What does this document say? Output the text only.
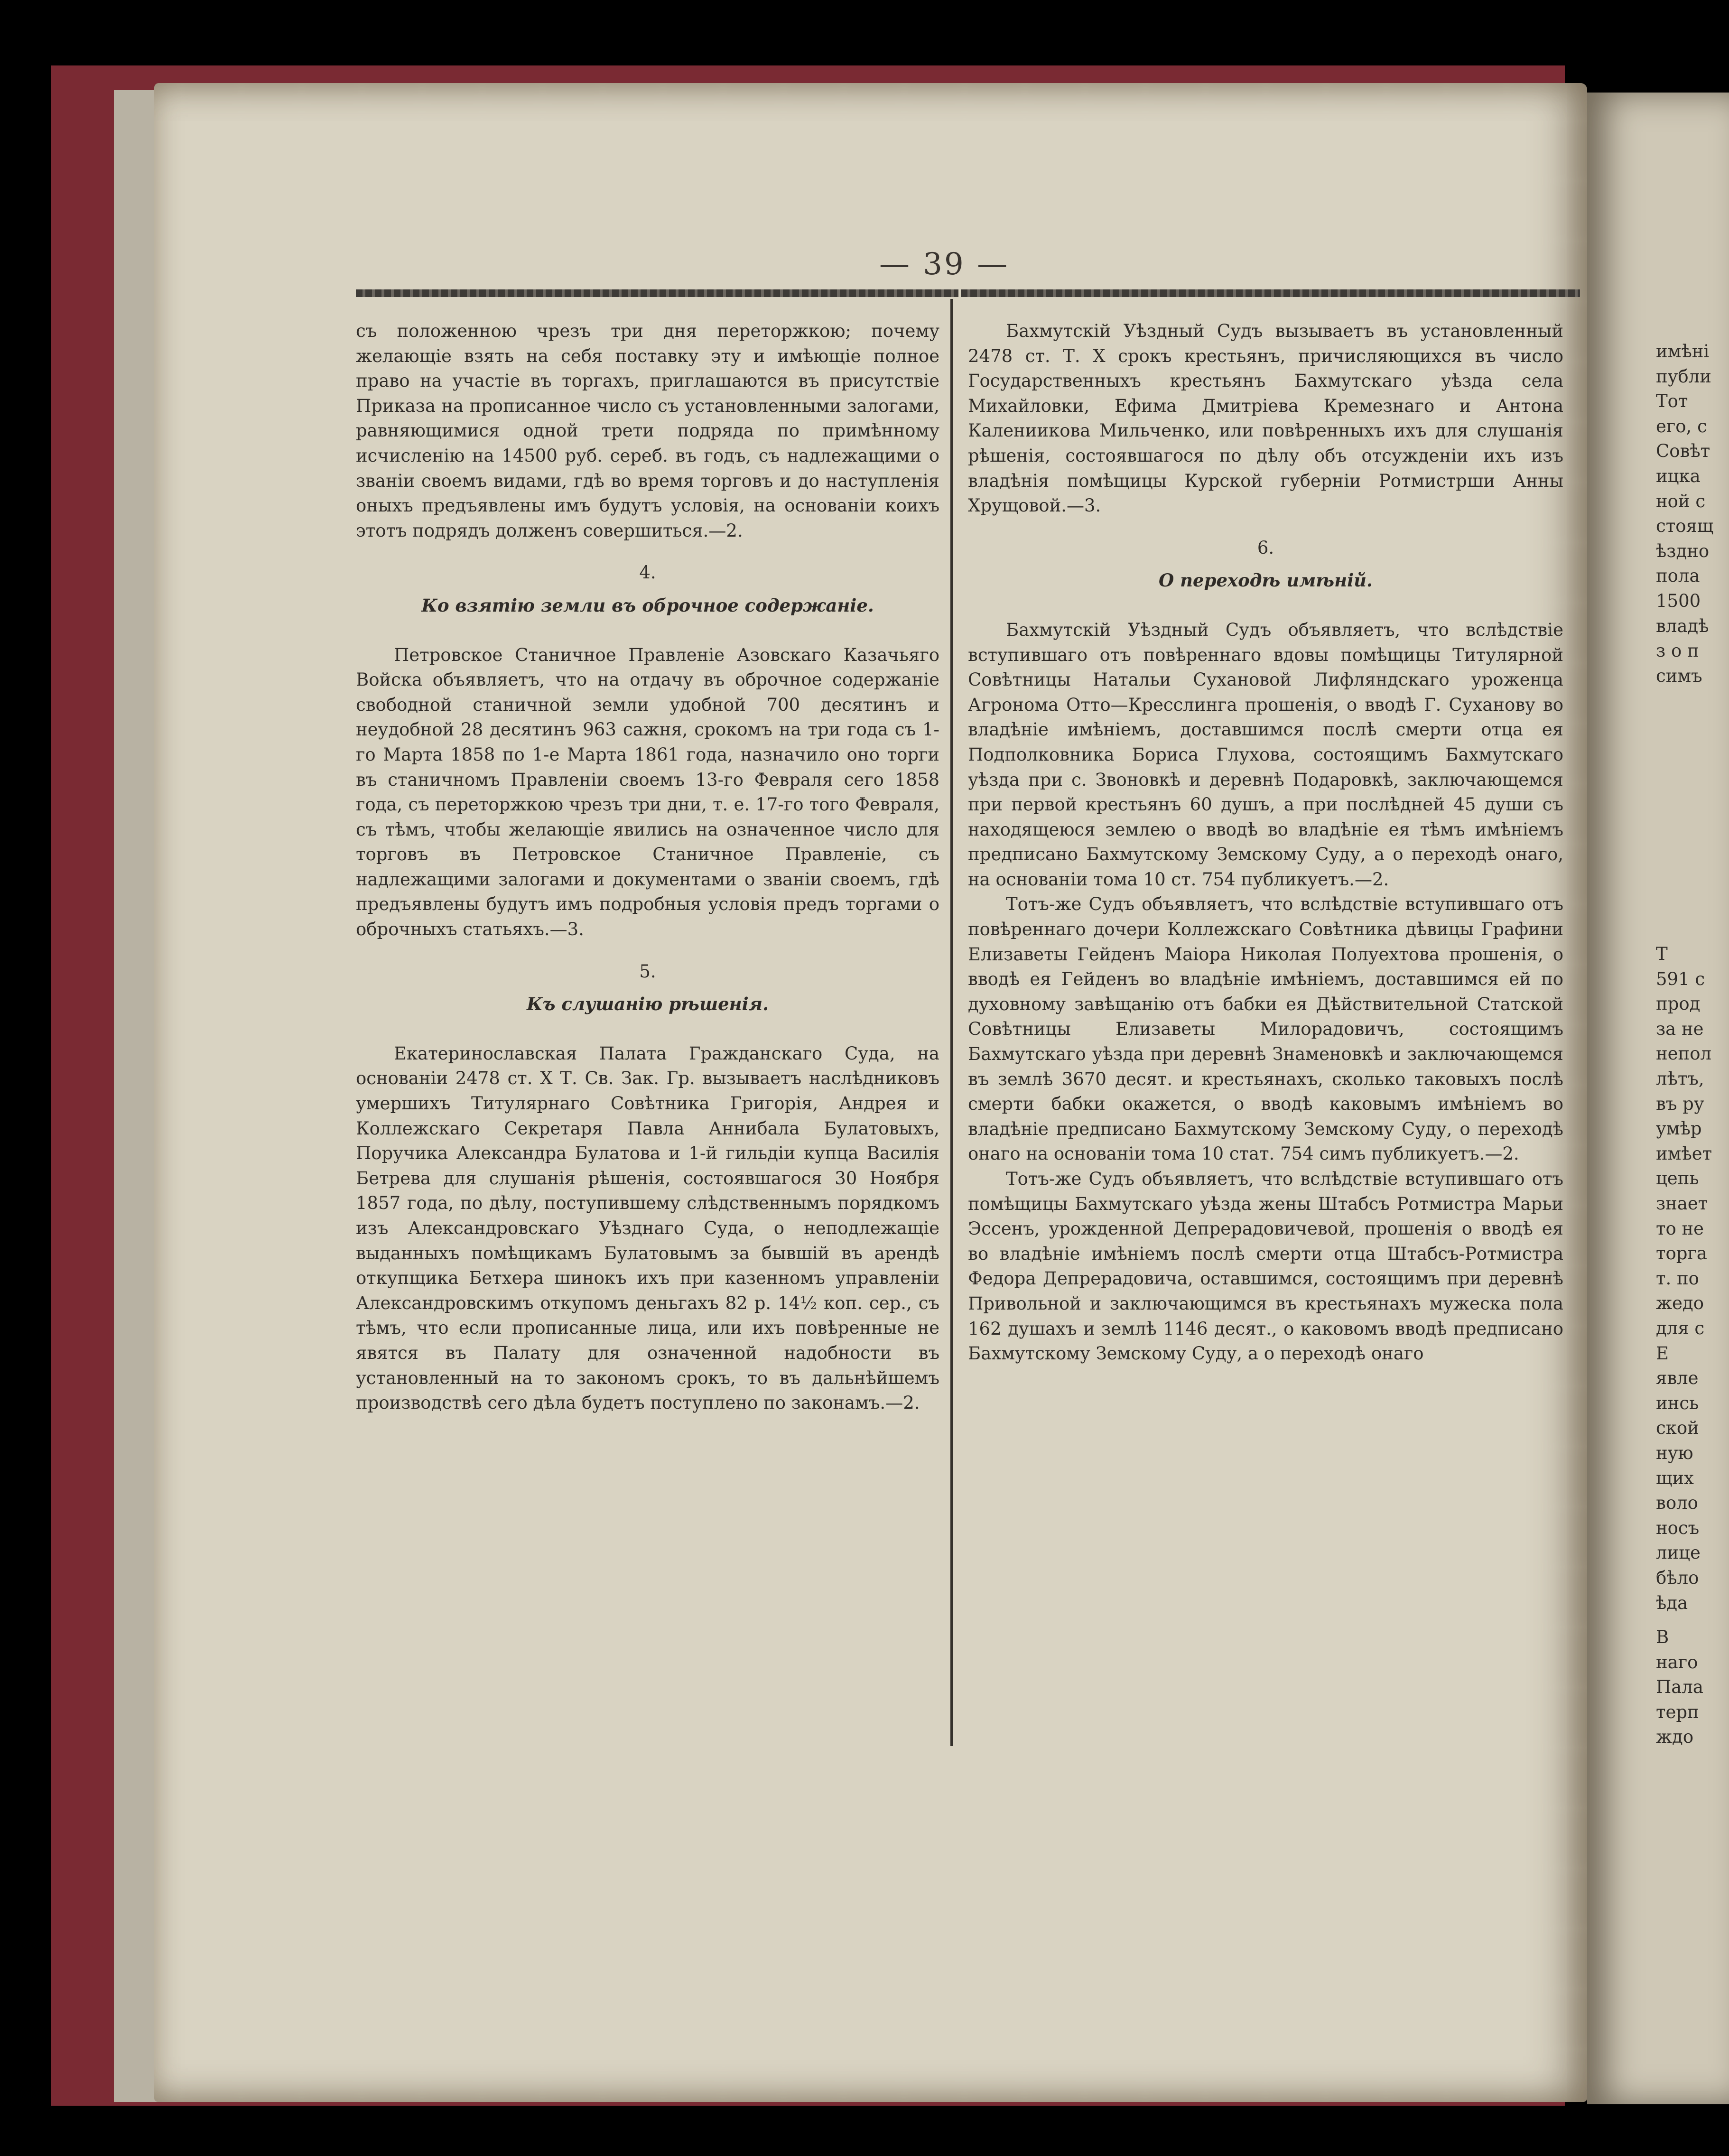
— 39 —

съ положенною чрезъ три дня переторжкою; почему желающіе взять на себя поставку эту и имѣющіе полное право на участіе въ торгахъ, приглашаются въ присутствіе Приказа на прописанное число съ установленными залогами, равняющимися одной трети подряда по примѣнному исчисленію на 14500 руб. сереб. въ годъ, съ надлежащими о званіи своемъ видами, гдѣ во время торговъ и до наступленія оныхъ предъявлены имъ будутъ условія, на основаніи коихъ этотъ подрядъ долженъ совершиться.—2.

4.
Ко взятію земли въ оброчное содержаніе.

Петровское Станичное Правленіе Азовскаго Казачьяго Войска объявляетъ, что на отдачу въ оброчное содержаніе свободной станичной земли удобной 700 десятинъ и неудобной 28 десятинъ 963 сажня, срокомъ на три года съ 1-го Марта 1858 по 1-е Марта 1861 года, назначило оно торги въ станичномъ Правленіи своемъ 13-го Февраля сего 1858 года, съ переторжкою чрезъ три дни, т. е. 17-го того Февраля, съ тѣмъ, чтобы желающіе явились на означенное число для торговъ въ Петровское Станичное Правленіе, съ надлежащими залогами и документами о званіи своемъ, гдѣ предъявлены будутъ имъ подробныя условія предъ торгами о оброчныхъ статьяхъ.—3.

5.
Къ слушанію рѣшенія.

Екатеринославская Палата Гражданскаго Суда, на основаніи 2478 ст. X Т. Св. Зак. Гр. вызываетъ наслѣдниковъ умершихъ Титулярнаго Совѣтника Григорія, Андрея и Коллежскаго Секретаря Павла Аннибала Булатовыхъ, Поручика Александра Булатова и 1-й гильдіи купца Василія Бетрева для слушанія рѣшенія, состоявшагося 30 Ноября 1857 года, по дѣлу, поступившему слѣдственнымъ порядкомъ изъ Александровскаго Уѣзднаго Суда, о неподлежащіе выданныхъ помѣщикамъ Булатовымъ за бывшій въ арендѣ откупщика Бетхера шинокъ ихъ при казенномъ управленіи Александровскимъ откупомъ деньгахъ 82 р. 14½ коп. сер., съ тѣмъ, что если прописанные лица, или ихъ повѣренные не явятся въ Палату для означенной надобности въ установленный на то закономъ срокъ, то въ дальнѣйшемъ производствѣ сего дѣла будетъ поступлено по законамъ.—2.

Бахмутскій Уѣздный Судъ вызываетъ въ установленный 2478 ст. Т. X срокъ крестьянъ, причисляющихся въ число Государственныхъ крестьянъ Бахмутскаго уѣзда села Михайловки, Ефима Дмитріева Кремезнаго и Антона Калениикова Мильченко, или повѣренныхъ ихъ для слушанія рѣшенія, состоявшагося по дѣлу объ отсужденіи ихъ изъ владѣнія помѣщицы Курской губерніи Ротмистрши Анны Хрущовой.—3.

6.
О переходѣ имѣній.

Бахмутскій Уѣздный Судъ объявляетъ, что вслѣдствіе вступившаго отъ повѣреннаго вдовы помѣщицы Титулярной Совѣтницы Натальи Сухановой Лифляндскаго уроженца Агронома Отто—Кресслинга прошенія, о вводѣ Г. Суханову во владѣніе имѣніемъ, доставшимся послѣ смерти отца ея Подполковника Бориса Глухова, состоящимъ Бахмутскаго уѣзда при с. Звоновкѣ и деревнѣ Подаровкѣ, заключающемся при первой крестьянъ 60 душъ, а при послѣдней 45 души съ находящеюся землею о вводѣ во владѣніе ея тѣмъ имѣніемъ предписано Бахмутскому Земскому Суду, а о переходѣ онаго, на основаніи тома 10 ст. 754 публикуетъ.—2.

Тотъ-же Судъ объявляетъ, что вслѣдствіе вступившаго отъ повѣреннаго дочери Коллежскаго Совѣтника дѣвицы Графини Елизаветы Гейденъ Маіора Николая Полуехтова прошенія, о вводѣ ея Гейденъ во владѣніе имѣніемъ, доставшимся ей по духовному завѣщанію отъ бабки ея Дѣйствительной Статской Совѣтницы Елизаветы Милорадовичъ, состоящимъ Бахмутскаго уѣзда при деревнѣ Знаменовкѣ и заключающемся въ землѣ 3670 десят. и крестьянахъ, сколько таковыхъ послѣ смерти бабки окажется, о вводѣ каковымъ имѣніемъ во владѣніе предписано Бахмутскому Земскому Суду, о переходѣ онаго на основаніи тома 10 стат. 754 симъ публикуетъ.—2.

Тотъ-же Судъ объявляетъ, что вслѣдствіе вступившаго отъ помѣщицы Бахмутскаго уѣзда жены Штабсъ Ротмистра Марьи Эссенъ, урожденной Депрерадовичевой, прошенія о вводѣ ея во владѣніе имѣніемъ послѣ смерти отца Штабсъ-Ротмистра Федора Депрерадовича, оставшимся, состоящимъ при деревнѣ Привольной и заключающимся въ крестьянахъ мужеска пола 162 душахъ и землѣ 1146 десят., о каковомъ вводѣ предписано Бахмутскому Земскому Суду, а о переходѣ онаго

имѣні
публи
Тот
его, с
Совѣт
ицка
ной с
стоящ
ѣздно
пола
1500
владѣ
з о п
симъ
Т
591 с
прод
за не
непол
лѣтъ,
въ ру
умѣр
имѣет
цепь
знает
то не
торга
т. по
жедо
для с
Е
явле
инсь
ской
ную
щих
воло
носъ
лице
бѣло
ѣда
В
наго
Пала
терп
ждо
